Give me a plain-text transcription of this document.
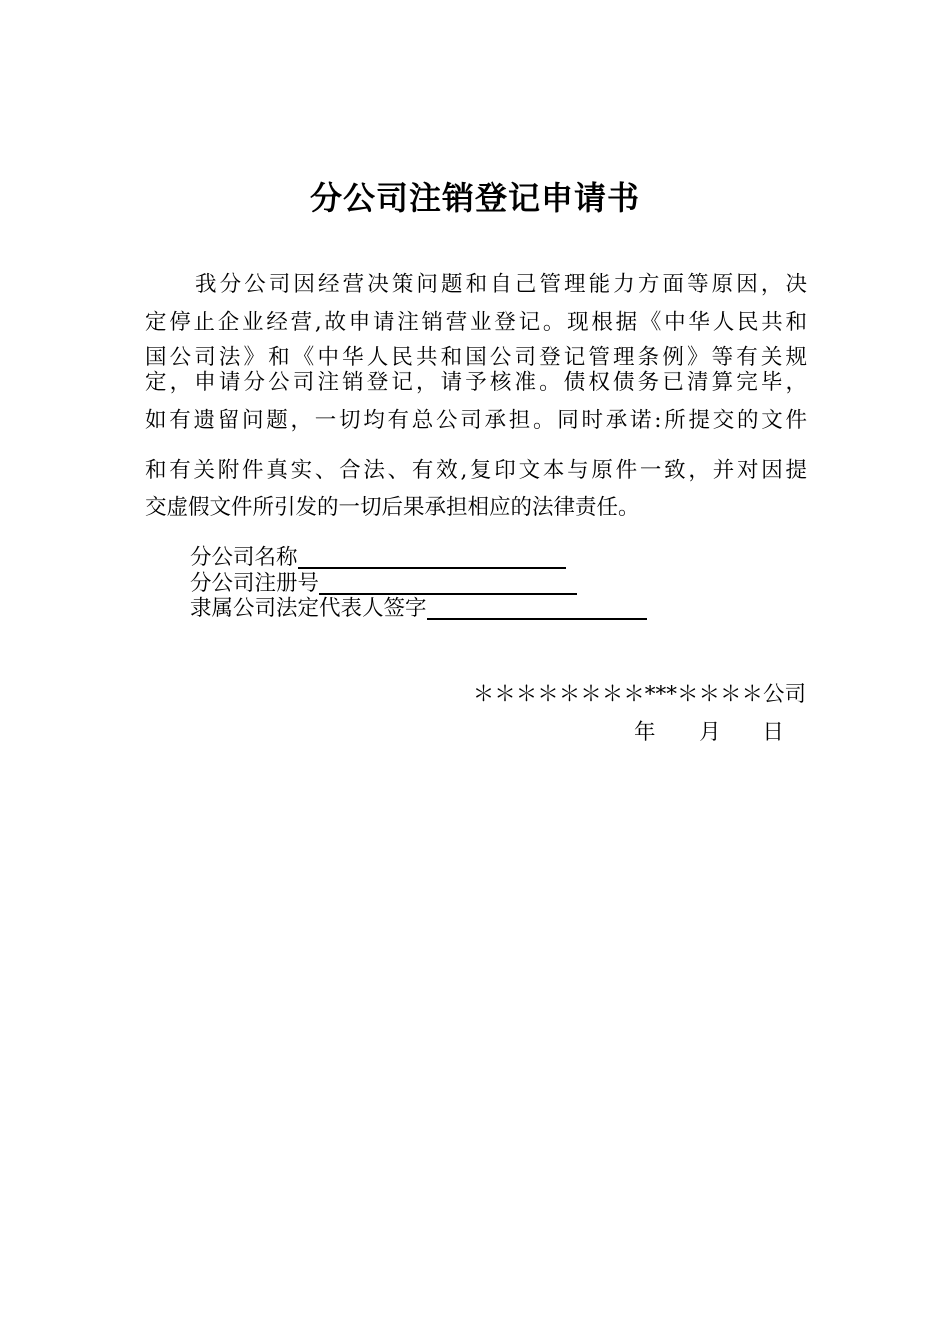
分公司注销登记申请书
我分公司因经营决策问题和自己管理能力方面等原因，决
定停止企业经营,故申请注销营业登记。现根据《中华人民共和
国公司法》和《中华人民共和国公司登记管理条例》等有关规
定，申请分公司注销登记，请予核准。债权债务已清算完毕，
如有遗留问题，一切均有总公司承担。同时承诺:所提交的文件
和有关附件真实、合法、有效,复印文本与原件一致，并对因提
交虚假文件所引发的一切后果承担相应的法律责任。
分公司名称
分公司注册号
隶属公司法定代表人签字
＊＊＊＊＊＊＊＊***＊＊＊＊公司
年 月 日
